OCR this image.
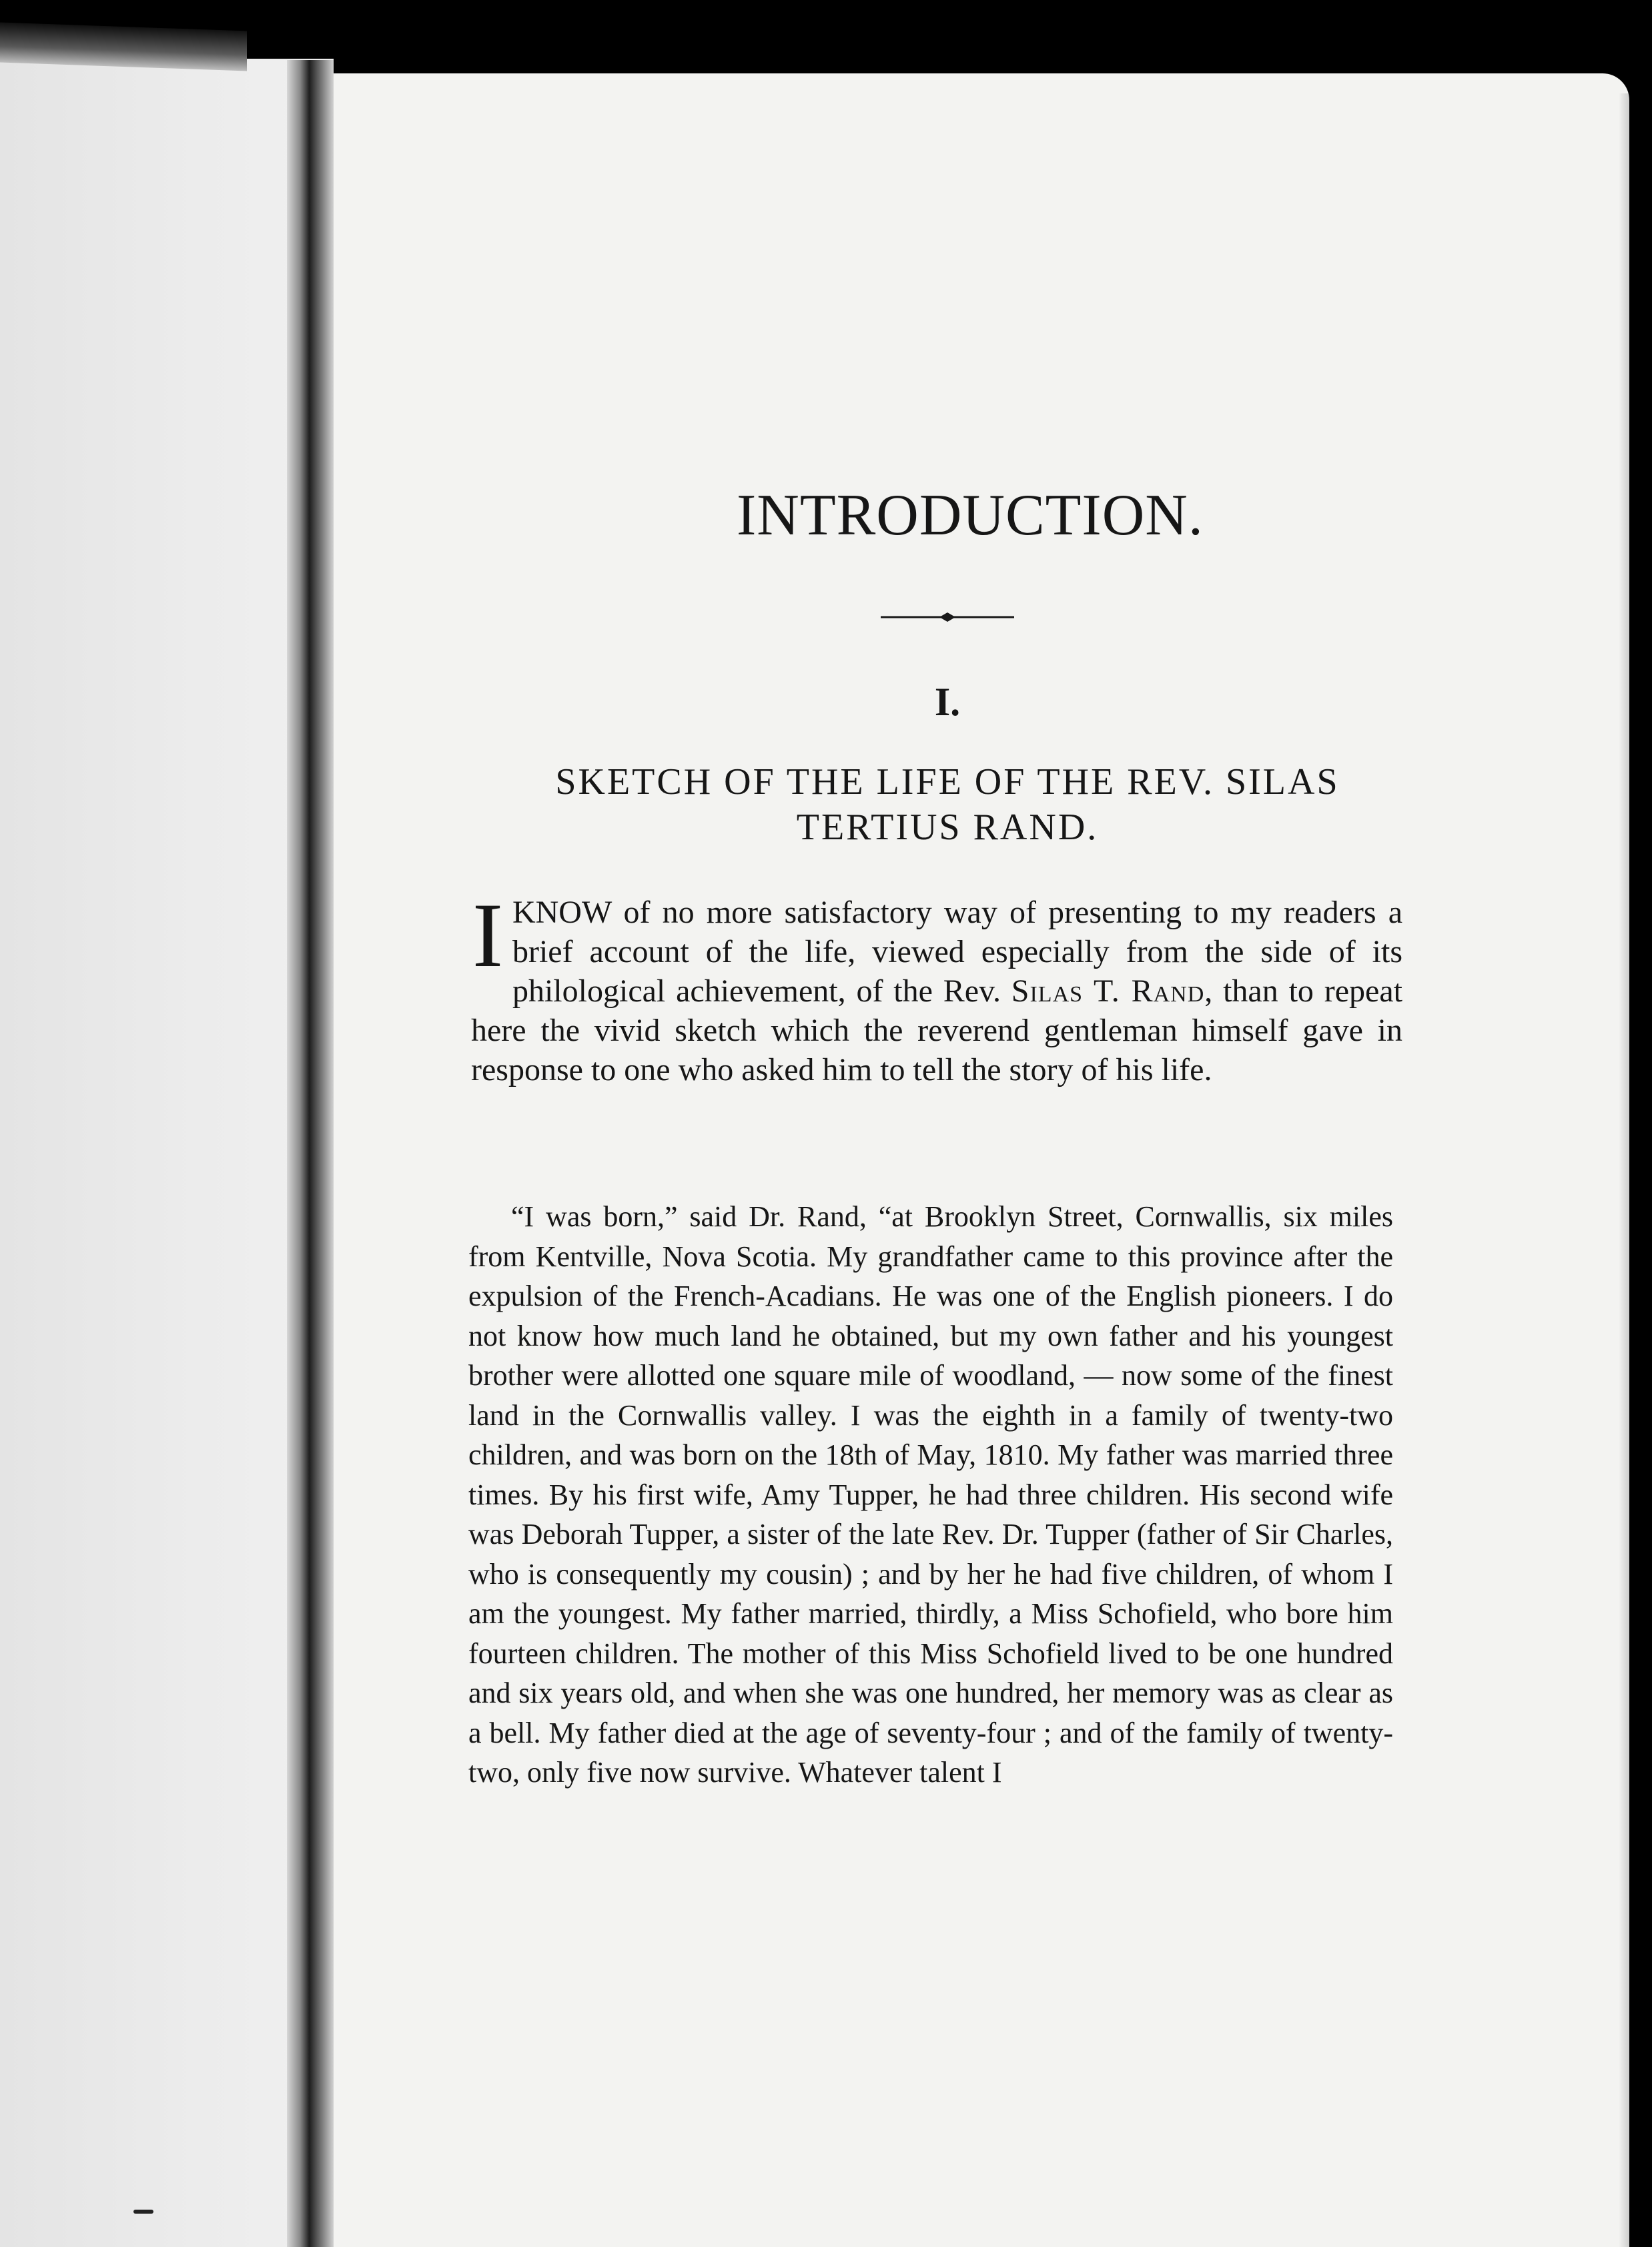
INTRODUCTION.
I.
SKETCH OF THE LIFE OF THE REV. SILAS
TERTIUS RAND.

IKNOW of no more satisfactory way of presenting to my readers a brief account of the life, viewed especially from the side of its philological achievement, of the Rev. Silas T. Rand, than to repeat here the vivid sketch which the reverend gentleman himself gave in response to one who asked him to tell the story of his life.

“I was born,” said Dr. Rand, “at Brooklyn Street, Cornwallis, six miles from Kentville, Nova Scotia. My grandfather came to this province after the expulsion of the French-Acadians. He was one of the English pioneers. I do not know how much land he obtained, but my own father and his youngest brother were allotted one square mile of woodland, — now some of the finest land in the Cornwallis valley. I was the eighth in a family of twenty-two children, and was born on the 18th of May, 1810. My father was married three times. By his first wife, Amy Tupper, he had three children. His second wife was Deborah Tupper, a sister of the late Rev. Dr. Tupper (father of Sir Charles, who is consequently my cousin) ; and by her he had five children, of whom I am the youngest. My father married, thirdly, a Miss Schofield, who bore him fourteen children. The mother of this Miss Schofield lived to be one hundred and six years old, and when she was one hundred, her memory was as clear as a bell. My father died at the age of seventy-four ; and of the family of twenty-two, only five now survive. Whatever talent I
